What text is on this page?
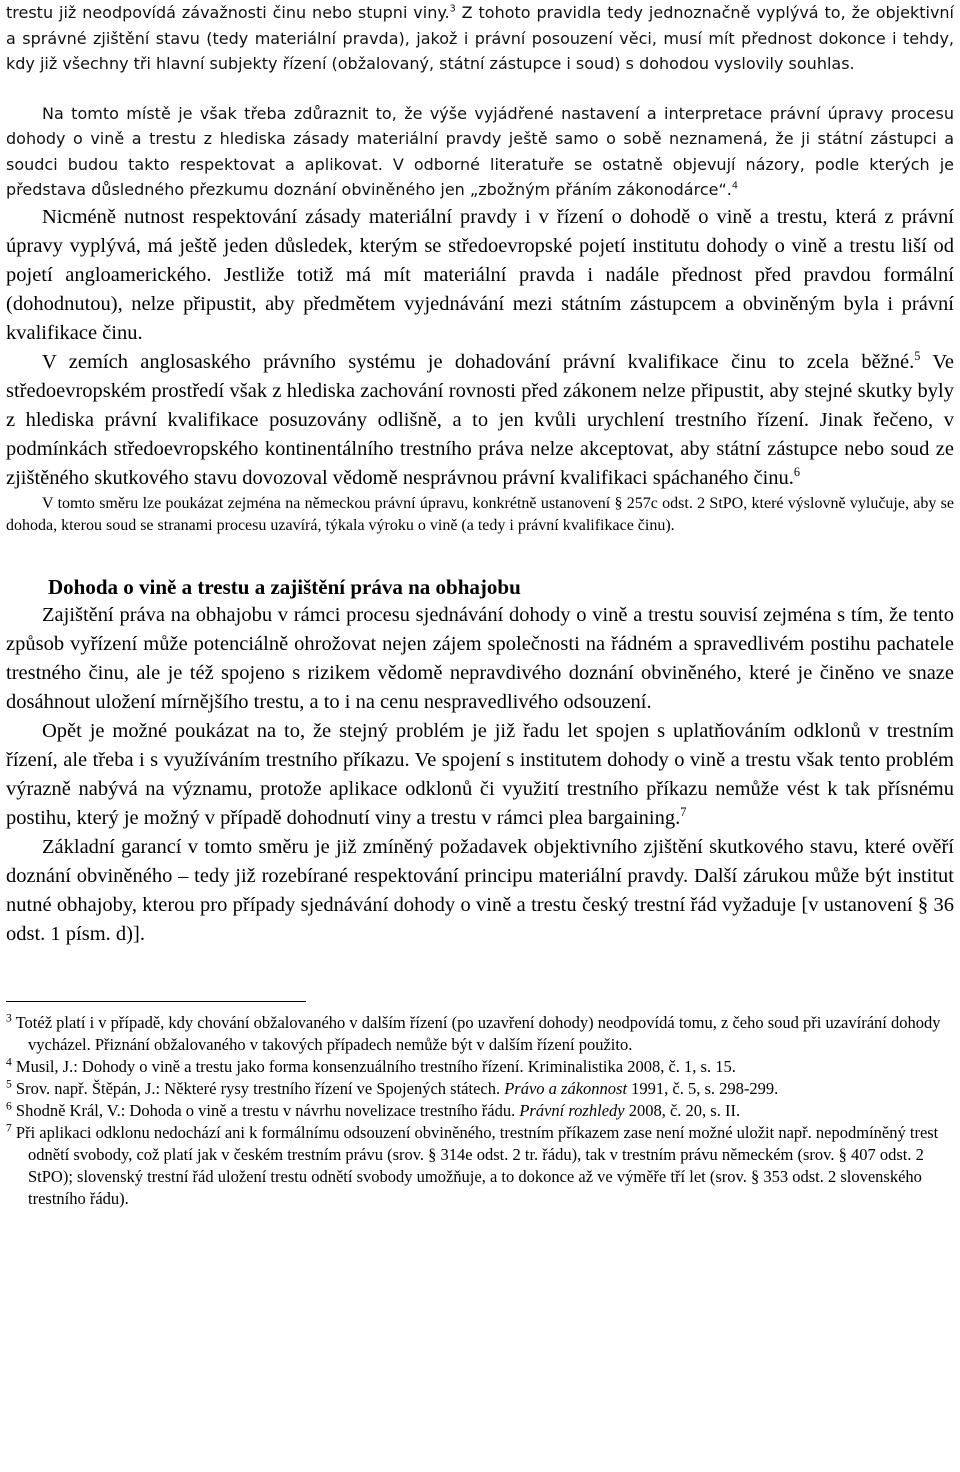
trestu již neodpovídá závažnosti činu nebo stupni viny.$^3$ Z tohoto pravidla tedy jednoznačně vyplývá to, že objektivní a správné zjištění stavu (tedy materiální pravda), jakož i právní posouzení věci, musí mít přednost dokonce i tehdy, kdy již všechny tři hlavní subjekty řízení (obžalovaný, státní zástupce i soud) s dohodou vyslovily souhlas.

Na tomto místě je však třeba zdůraznit to, že výše vyjádřené nastavení a interpretace právní úpravy procesu dohody o vině a trestu z hlediska zásady materiální pravdy ještě samo o sobě neznamená, že ji státní zástupci a soudci budou takto respektovat a aplikovat. V odborné literatuře se ostatně objevují názory, podle kterých je představa důsledného přezkumu doznání obviněného jen „zbožným přáním zákonodárce“.$^4$

Nicméně nutnost respektování zásady materiální pravdy i v řízení o dohodě o vině a trestu, která z právní úpravy vyplývá, má ještě jeden důsledek, kterým se středoevropské pojetí institutu dohody o vině a trestu liší od pojetí angloamerického. Jestliže totiž má mít materiální pravda i nadále přednost před pravdou formální (dohodnutou), nelze připustit, aby předmětem vyjednávání mezi státním zástupcem a obviněným byla i právní kvalifikace činu.

V zemích anglosaského právního systému je dohadování právní kvalifikace činu to zcela běžné.$^5$ Ve středoevropském prostředí však z hlediska zachování rovnosti před zákonem nelze připustit, aby stejné skutky byly z hlediska právní kvalifikace posuzovány odlišně, a to jen kvůli urychlení trestního řízení. Jinak řečeno, v podmínkách středoevropského kontinentálního trestního práva nelze akceptovat, aby státní zástupce nebo soud ze zjištěného skutkového stavu dovozoval vědomě nesprávnou právní kvalifikaci spáchaného činu.$^6$

V tomto směru lze poukázat zejména na německou právní úpravu, konkrétně ustanovení § 257c odst. 2 StPO, které výslovně vylučuje, aby se dohoda, kterou soud se stranami procesu uzavírá, týkala výroku o vině (a tedy i právní kvalifikace činu).

Dohoda o vině a trestu a zajištění práva na obhajobu

Zajištění práva na obhajobu v rámci procesu sjednávání dohody o vině a trestu souvisí zejména s tím, že tento způsob vyřízení může potenciálně ohrožovat nejen zájem společnosti na řádném a spravedlivém postihu pachatele trestného činu, ale je též spojeno s rizikem vědomě nepravdivého doznání obviněného, které je činěno ve snaze dosáhnout uložení mírnějšího trestu, a to i na cenu nespravedlivého odsouzení.

Opět je možné poukázat na to, že stejný problém je již řadu let spojen s uplatňováním odklonů v trestním řízení, ale třeba i s využíváním trestního příkazu. Ve spojení s institutem dohody o vině a trestu však tento problém výrazně nabývá na významu, protože aplikace odklonů či využití trestního příkazu nemůže vést k tak přísnému postihu, který je možný v případě dohodnutí viny a trestu v rámci plea bargaining.$^7$

Základní garancí v tomto směru je již zmíněný požadavek objektivního zjištění skutkového stavu, které ověří doznání obviněného – tedy již rozebírané respektování principu materiální pravdy. Další zárukou může být institut nutné obhajoby, kterou pro případy sjednávání dohody o vině a trestu český trestní řád vyžaduje [v ustanovení § 36 odst. 1 písm. d)].

$^3$ Totéž platí i v případě, kdy chování obžalovaného v dalším řízení (po uzavření dohody) neodpovídá tomu, z čeho soud při uzavírání dohody vycházel. Přiznání obžalovaného v takových případech nemůže být v dalším řízení použito.

$^4$ Musil, J.: Dohody o vině a trestu jako forma konsenzuálního trestního řízení. Kriminalistika 2008, č. 1, s. 15.

$^5$ Srov. např. Štěpán, J.: Některé rysy trestního řízení ve Spojených státech. Právo a zákonnost 1991, č. 5, s. 298-299.

$^6$ Shodně Král, V.: Dohoda o vině a trestu v návrhu novelizace trestního řádu. Právní rozhledy 2008, č. 20, s. II.

$^7$ Při aplikaci odklonu nedochází ani k formálnímu odsouzení obviněného, trestním příkazem zase není možné uložit např. nepodmíněný trest odnětí svobody, což platí jak v českém trestním právu (srov. § 314e odst. 2 tr. řádu), tak v trestním právu německém (srov. § 407 odst. 2 StPO); slovenský trestní řád uložení trestu odnětí svobody umožňuje, a to dokonce až ve výměře tří let (srov. § 353 odst. 2 slovenského trestního řádu).
